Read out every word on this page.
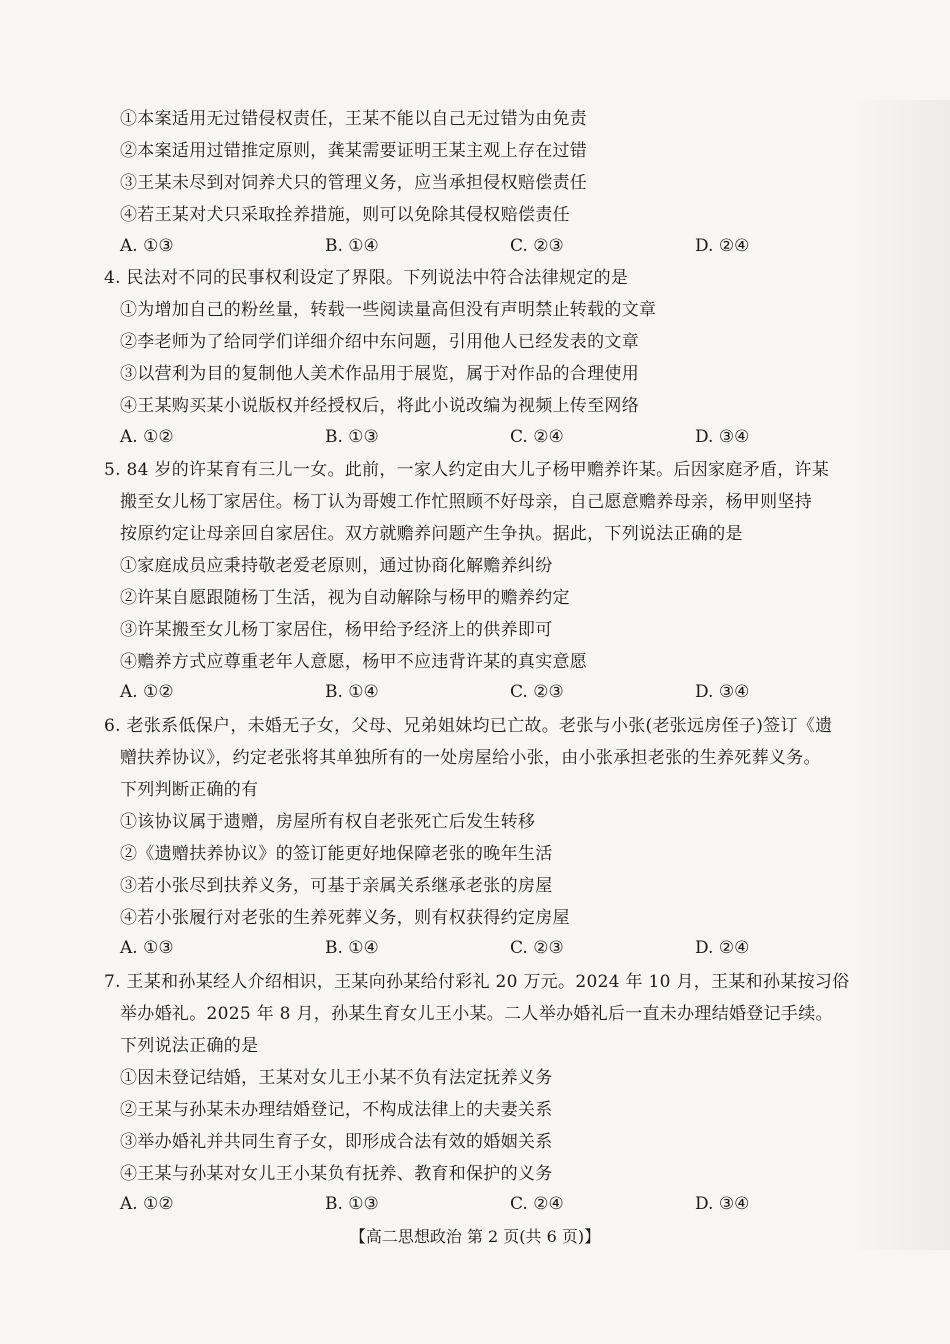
①本案适用无过错侵权责任，王某不能以自己无过错为由免责
②本案适用过错推定原则，龚某需要证明王某主观上存在过错
③王某未尽到对饲养犬只的管理义务，应当承担侵权赔偿责任
④若王某对犬只采取拴养措施，则可以免除其侵权赔偿责任
A. ①③	B. ①④	C. ②③	D. ②④
4. 民法对不同的民事权利设定了界限。下列说法中符合法律规定的是
①为增加自己的粉丝量，转载一些阅读量高但没有声明禁止转载的文章
②李老师为了给同学们详细介绍中东问题，引用他人已经发表的文章
③以营利为目的复制他人美术作品用于展览，属于对作品的合理使用
④王某购买某小说版权并经授权后，将此小说改编为视频上传至网络
A. ①②	B. ①③	C. ②④	D. ③④
5. 84 岁的许某育有三儿一女。此前，一家人约定由大儿子杨甲赡养许某。后因家庭矛盾，许某
搬至女儿杨丁家居住。杨丁认为哥嫂工作忙照顾不好母亲，自己愿意赡养母亲，杨甲则坚持
按原约定让母亲回自家居住。双方就赡养问题产生争执。据此，下列说法正确的是
①家庭成员应秉持敬老爱老原则，通过协商化解赡养纠纷
②许某自愿跟随杨丁生活，视为自动解除与杨甲的赡养约定
③许某搬至女儿杨丁家居住，杨甲给予经济上的供养即可
④赡养方式应尊重老年人意愿，杨甲不应违背许某的真实意愿
A. ①②	B. ①④	C. ②③	D. ③④
6. 老张系低保户，未婚无子女，父母、兄弟姐妹均已亡故。老张与小张(老张远房侄子)签订《遗
赠扶养协议》，约定老张将其单独所有的一处房屋给小张，由小张承担老张的生养死葬义务。
下列判断正确的有
①该协议属于遗赠，房屋所有权自老张死亡后发生转移
②《遗赠扶养协议》的签订能更好地保障老张的晚年生活
③若小张尽到扶养义务，可基于亲属关系继承老张的房屋
④若小张履行对老张的生养死葬义务，则有权获得约定房屋
A. ①③	B. ①④	C. ②③	D. ②④
7. 王某和孙某经人介绍相识，王某向孙某给付彩礼 20 万元。2024 年 10 月，王某和孙某按习俗
举办婚礼。2025 年 8 月，孙某生育女儿王小某。二人举办婚礼后一直未办理结婚登记手续。
下列说法正确的是
①因未登记结婚，王某对女儿王小某不负有法定抚养义务
②王某与孙某未办理结婚登记，不构成法律上的夫妻关系
③举办婚礼并共同生育子女，即形成合法有效的婚姻关系
④王某与孙某对女儿王小某负有抚养、教育和保护的义务
A. ①②	B. ①③	C. ②④	D. ③④
【高二思想政治 第 2 页(共 6 页)】
